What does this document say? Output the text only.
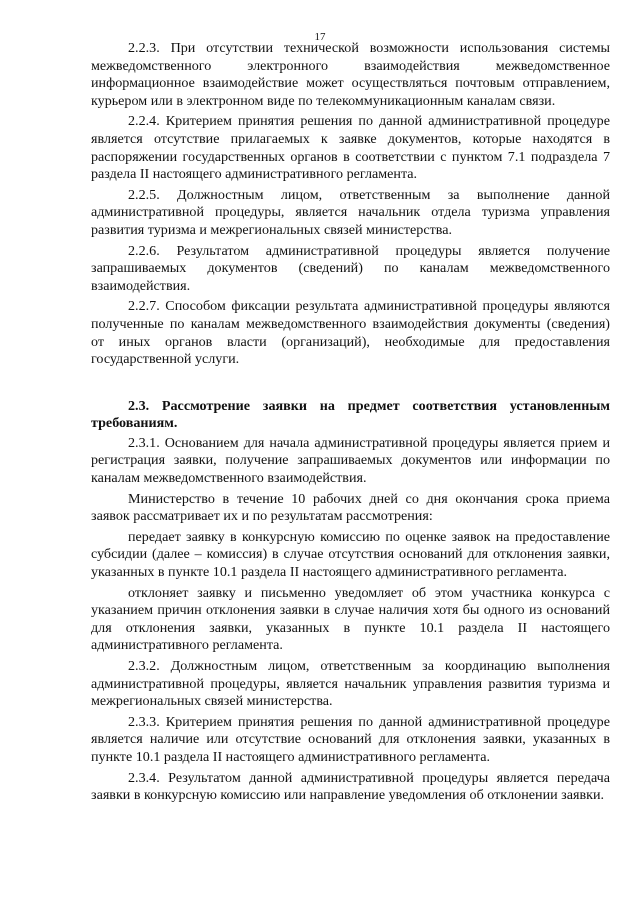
17

2.2.3. При отсутствии технической возможности использования системы межведомственного электронного взаимодействия межведомственное информационное взаимодействие может осуществляться почтовым отправлением, курьером или в электронном виде по телекоммуникационным каналам связи.

2.2.4. Критерием принятия решения по данной административной процедуре является отсутствие прилагаемых к заявке документов, которые находятся в распоряжении государственных органов в соответствии с пунктом 7.1 подраздела 7 раздела II настоящего административного регламента.

2.2.5. Должностным лицом, ответственным за выполнение данной административной процедуры, является начальник отдела туризма управления развития туризма и межрегиональных связей министерства.

2.2.6. Результатом административной процедуры является получение запрашиваемых документов (сведений) по каналам межведомственного взаимодействия.

2.2.7. Способом фиксации результата административной процедуры являются полученные по каналам межведомственного взаимодействия документы (сведения) от иных органов власти (организаций), необходимые для предоставления государственной услуги.

2.3. Рассмотрение заявки на предмет соответствия установленным требованиям.

2.3.1. Основанием для начала административной процедуры является прием и регистрация заявки, получение запрашиваемых документов или информации по каналам межведомственного взаимодействия.

Министерство в течение 10 рабочих дней со дня окончания срока приема заявок рассматривает их и по результатам рассмотрения:

передает заявку в конкурсную комиссию по оценке заявок на предоставление субсидии (далее – комиссия) в случае отсутствия оснований для отклонения заявки, указанных в пункте 10.1 раздела II настоящего административного регламента.

отклоняет заявку и письменно уведомляет об этом участника конкурса с указанием причин отклонения заявки в случае наличия хотя бы одного из оснований для отклонения заявки, указанных в пункте 10.1 раздела II настоящего административного регламента.

2.3.2. Должностным лицом, ответственным за координацию выполнения административной процедуры, является начальник управления развития туризма и межрегиональных связей министерства.

2.3.3. Критерием принятия решения по данной административной процедуре является наличие или отсутствие оснований для отклонения заявки, указанных в пункте 10.1 раздела II настоящего административного регламента.

2.3.4. Результатом данной административной процедуры является передача заявки в конкурсную комиссию или направление уведомления об отклонении заявки.
